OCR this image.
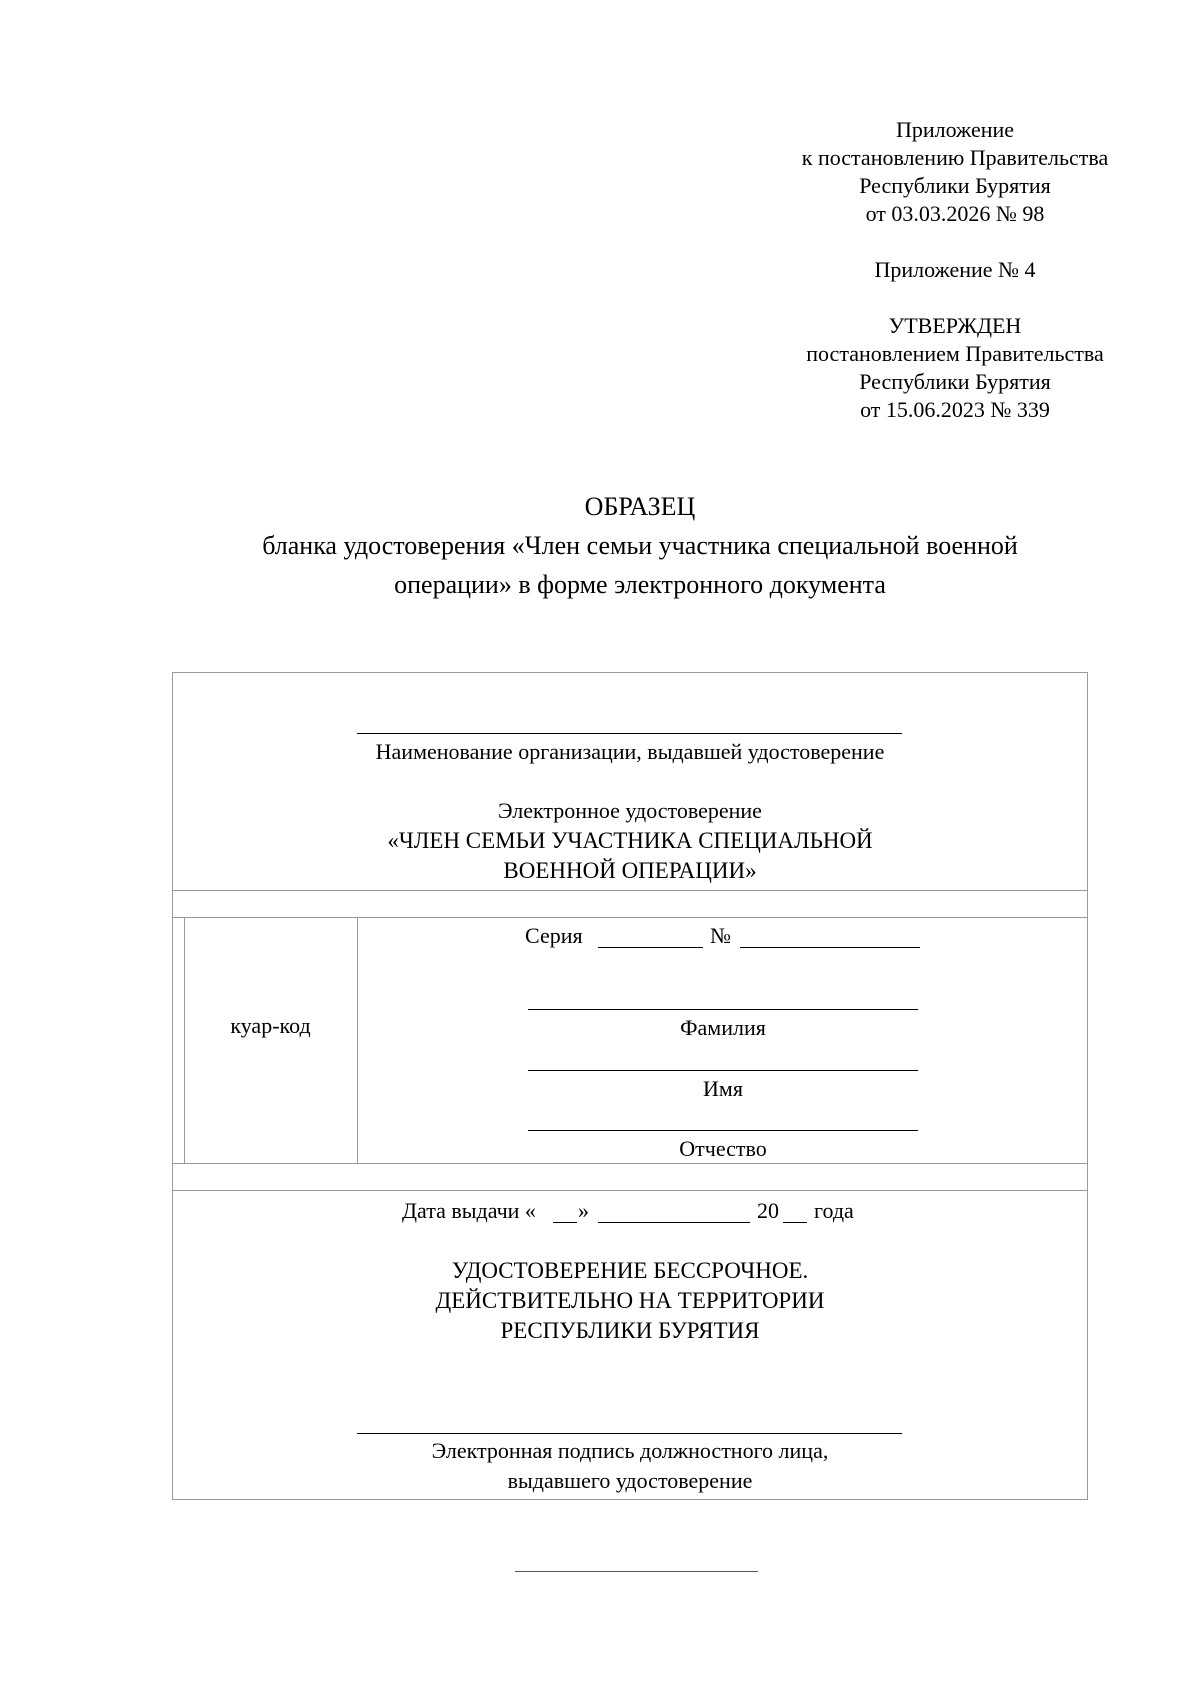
Приложение
к постановлению Правительства
Республики Бурятия
от 03.03.2026 № 98
Приложение № 4
УТВЕРЖДЕН
постановлением Правительства
Республики Бурятия
от 15.06.2023 № 339
ОБРАЗЕЦ
бланка удостоверения «Член семьи участника специальной военной
операции» в форме электронного документа
Наименование организации, выдавшей удостоверение
Электронное удостоверение
«ЧЛЕН СЕМЬИ УЧАСТНИКА СПЕЦИАЛЬНОЙ
ВОЕННОЙ ОПЕРАЦИИ»
куар-код
Серия	№
Фамилия
Имя
Отчество
Дата выдачи « »	20 года
УДОСТОВЕРЕНИЕ БЕССРОЧНОЕ.
ДЕЙСТВИТЕЛЬНО НА ТЕРРИТОРИИ
РЕСПУБЛИКИ БУРЯТИЯ
Электронная подпись должностного лица,
выдавшего удостоверение
